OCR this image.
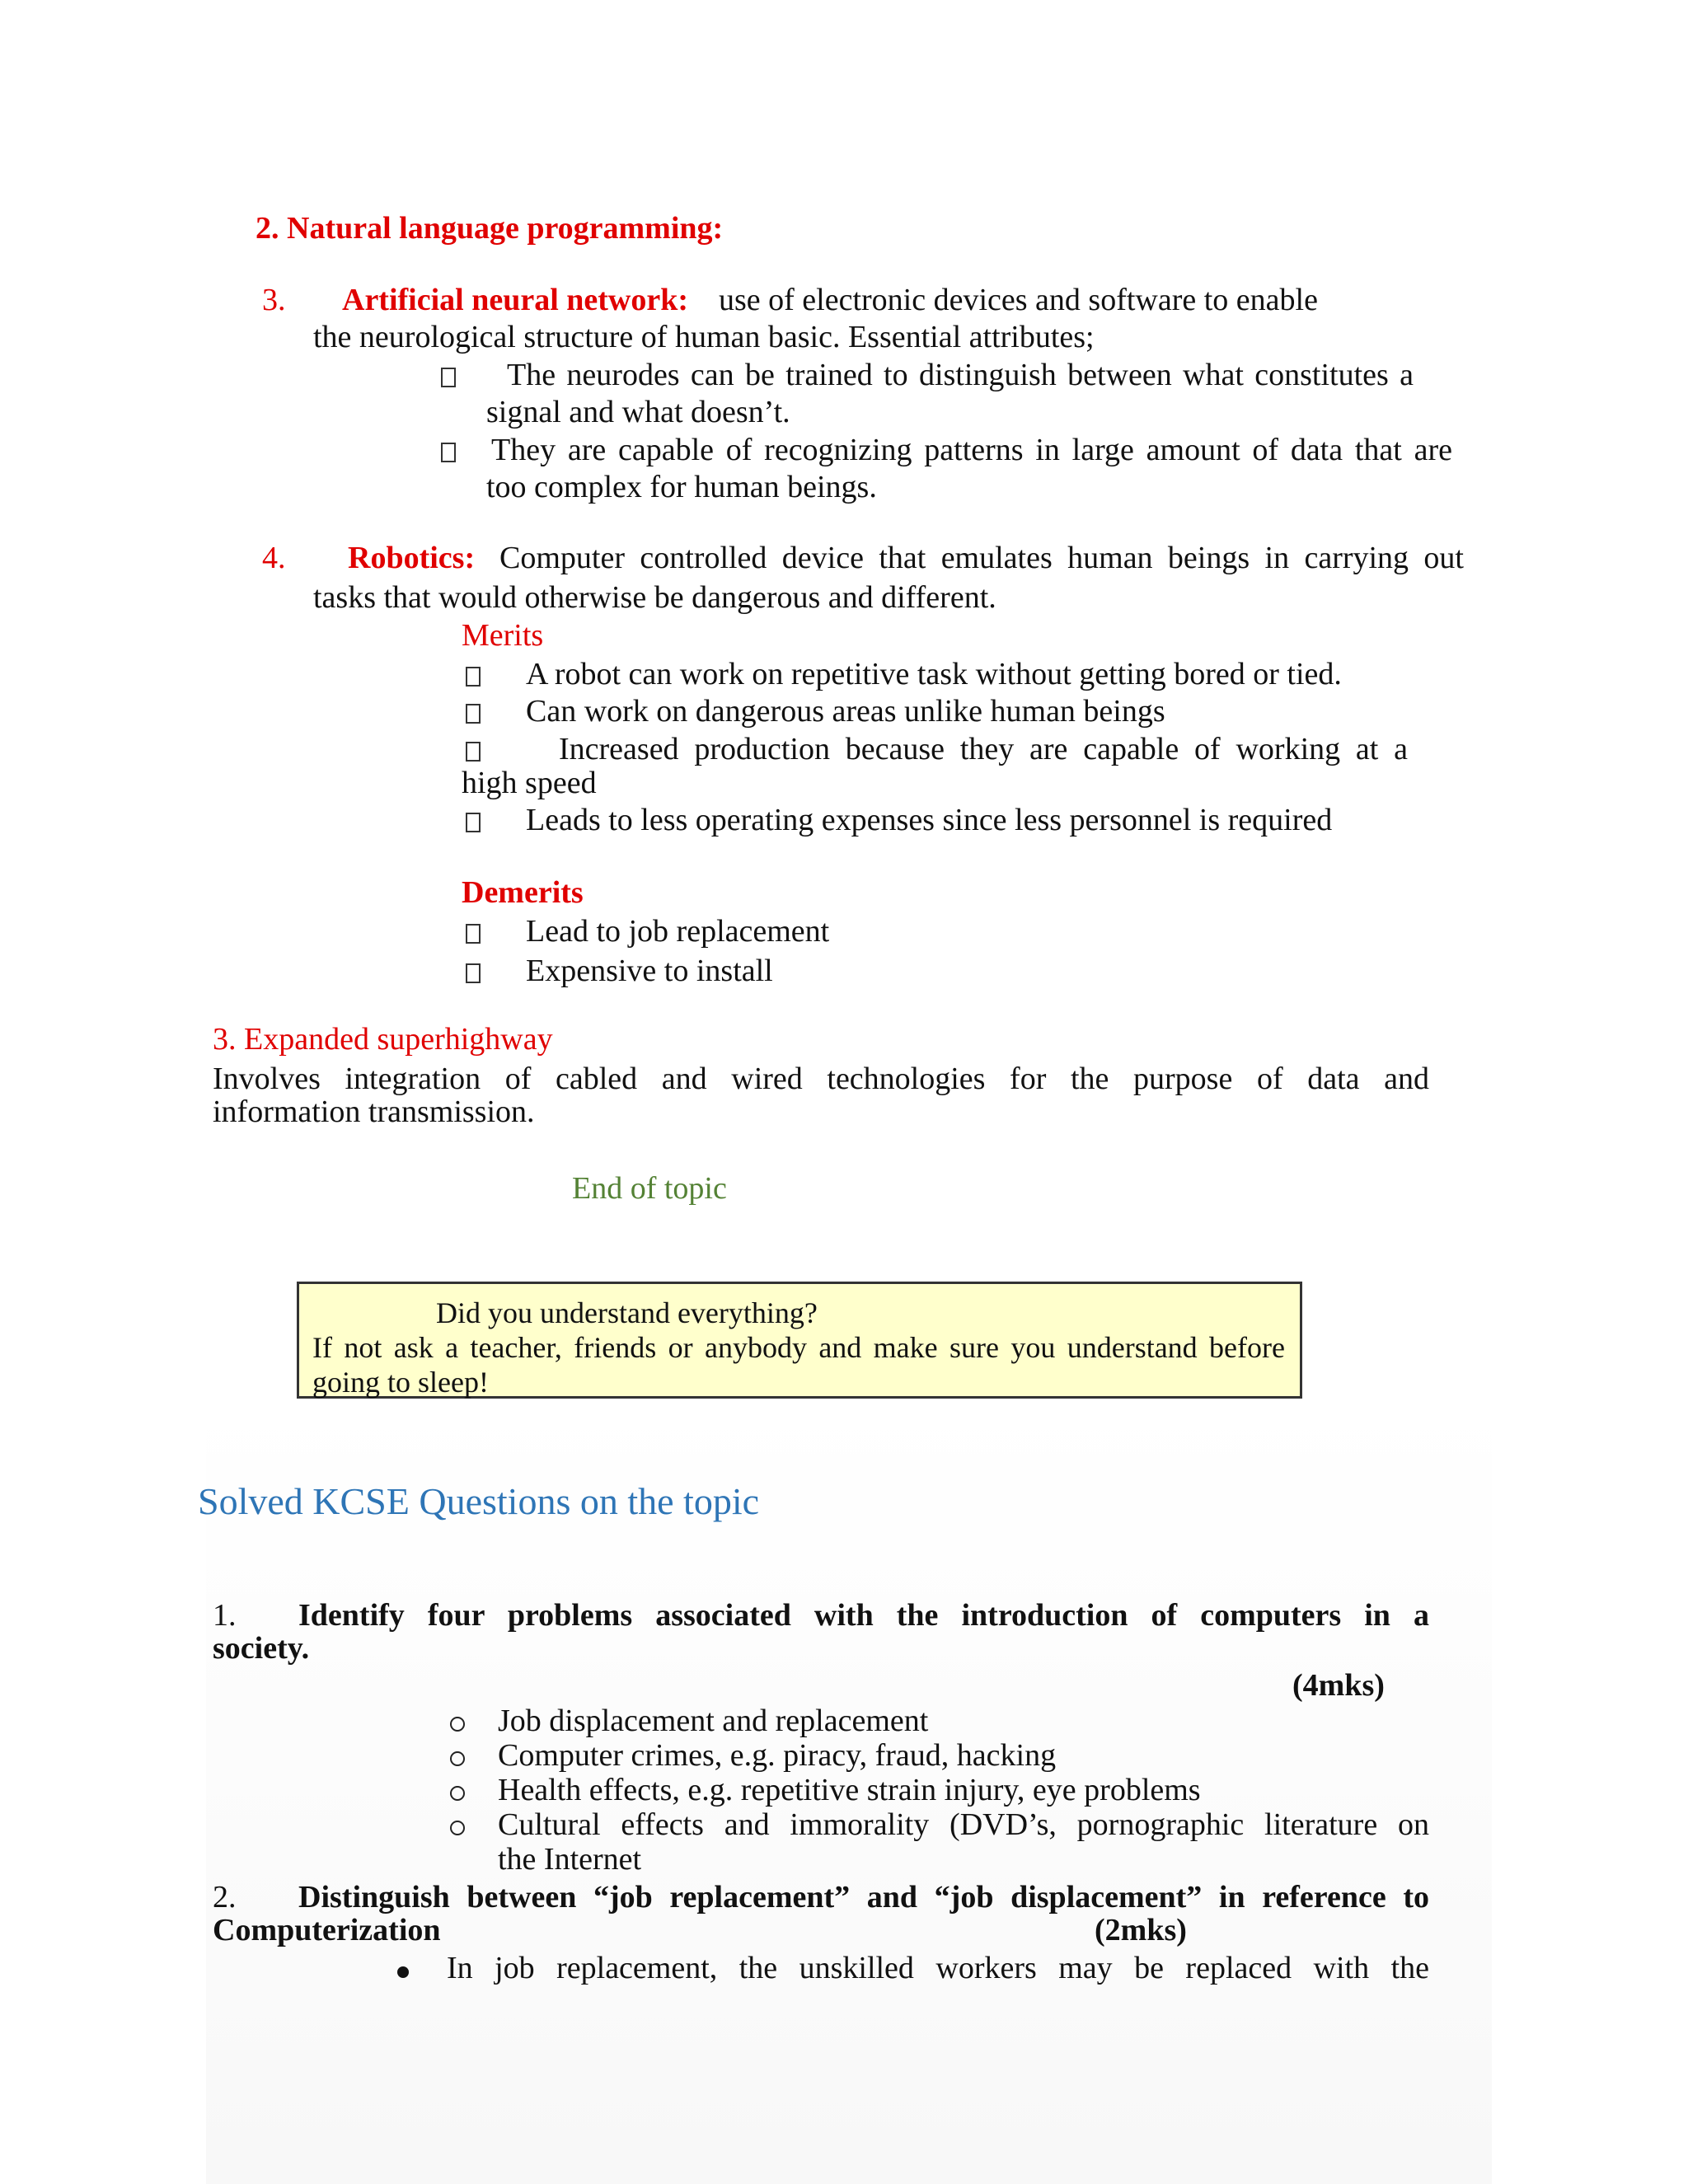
2. Natural language programming:
3. Artificial neural network: use of electronic devices and software to enable
the neurological structure of human basic. Essential attributes;
The neurodes can be trained to distinguish between what constitutes a
signal and what doesn’t.
They are capable of recognizing patterns in large amount of data that are
too complex for human beings.
4. Robotics: Computer controlled device that emulates human beings in carrying out
tasks that would otherwise be dangerous and different.
Merits
A robot can work on repetitive task without getting bored or tied.
Can work on dangerous areas unlike human beings
Increased production because they are capable of working at a
high speed
Leads to less operating expenses since less personnel is required
Demerits
Lead to job replacement
Expensive to install
3. Expanded superhighway
Involves integration of cabled and wired technologies for the purpose of data and
information transmission.
End of topic
Did you understand everything?
If not ask a teacher, friends or anybody and make sure you understand before
going to sleep!
Solved KCSE Questions on the topic
1. Identify four problems associated with the introduction of computers in a
society.
(4mks)
Job displacement and replacement
Computer crimes, e.g. piracy, fraud, hacking
Health effects, e.g. repetitive strain injury, eye problems
Cultural effects and immorality (DVD’s, pornographic literature on
the Internet
2. Distinguish between “job replacement” and “job displacement” in reference to
Computerization	(2mks)
In job replacement, the unskilled workers may be replaced with the
